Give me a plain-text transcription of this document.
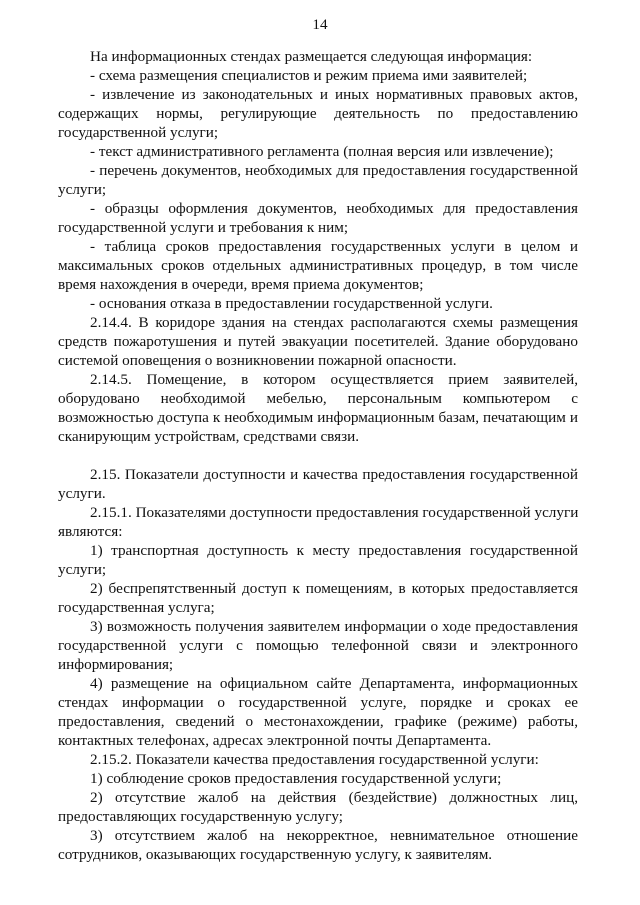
14
На информационных стендах размещается следующая информация:
- схема размещения специалистов и режим приема ими заявителей;
- извлечение из законодательных и иных нормативных правовых актов,
содержащих нормы, регулирующие деятельность по предоставлению
государственной услуги;
- текст административного регламента (полная версия или извлечение);
- перечень документов, необходимых для предоставления государственной
услуги;
- образцы оформления документов, необходимых для предоставления
государственной услуги и требования к ним;
- таблица сроков предоставления государственных услуги в целом и
максимальных сроков отдельных административных процедур, в том числе
время нахождения в очереди, время приема документов;
- основания отказа в предоставлении государственной услуги.
2.14.4. В коридоре здания на стендах располагаются схемы размещения
средств пожаротушения и путей эвакуации посетителей. Здание оборудовано
системой оповещения о возникновении пожарной опасности.
2.14.5. Помещение, в котором осуществляется прием заявителей,
оборудовано необходимой мебелью, персональным компьютером с
возможностью доступа к необходимым информационным базам, печатающим и
сканирующим устройствам, средствами связи.
2.15. Показатели доступности и качества предоставления государственной
услуги.
2.15.1. Показателями доступности предоставления государственной услуги
являются:
1) транспортная доступность к месту предоставления государственной
услуги;
2) беспрепятственный доступ к помещениям, в которых предоставляется
государственная услуга;
3) возможность получения заявителем информации о ходе предоставления
государственной услуги с помощью телефонной связи и электронного
информирования;
4) размещение на официальном сайте Департамента, информационных
стендах информации о государственной услуге, порядке и сроках ее
предоставления, сведений о местонахождении, графике (режиме) работы,
контактных телефонах, адресах электронной почты Департамента.
2.15.2. Показатели качества предоставления государственной услуги:
1) соблюдение сроков предоставления государственной услуги;
2) отсутствие жалоб на действия (бездействие) должностных лиц,
предоставляющих государственную услугу;
3) отсутствием жалоб на некорректное, невнимательное отношение
сотрудников, оказывающих государственную услугу, к заявителям.
